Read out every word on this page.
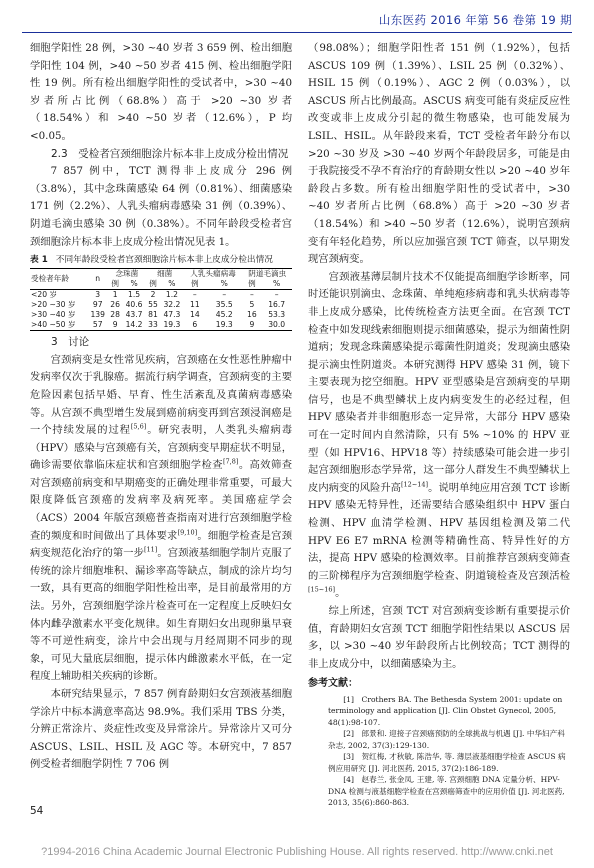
山东医药 2016 年第 56 卷第 19 期

细胞学阳性 28 例，>30 ~40 岁者 3 659 例、检出细胞学阳性 104 例，>40 ~50 岁者 415 例、检出细胞学阳性 19 例。所有检出细胞学阳性的受试者中，>30 ~40 岁者所占比例（68.8%）高于 >20 ~30 岁者（18.54%）和 >40 ~50 岁者（12.6%），P 均 <0.05。

2.3　受检者宫颈细胞涂片标本非上皮成分检出情况

7 857 例中，TCT 测得非上皮成分 296 例（3.8%），其中念珠菌感染 64 例（0.81%）、细菌感染 171 例（2.2%）、人乳头瘤病毒感染 31 例（0.39%）、阴道毛滴虫感染 30 例（0.38%）。不同年龄段受检者宫颈细胞涂片标本非上皮成分检出情况见表 1。

表 1 不同年龄段受检者宫颈细胞涂片标本非上皮成分检出情况
受检者年龄	n	念珠菌		细菌		人乳头瘤病毒		阴道毛滴虫	
		例	%	例	%	例	%	例	%
<20 岁	3	1	1.5	2	1.2	–	–	–	–
>20 ~30 岁	97	26	40.6	55	32.2	11	35.5	5	16.7
>30 ~40 岁	139	28	43.7	81	47.3	14	45.2	16	53.3
>40 ~50 岁	57	9	14.2	33	19.3	6	19.3	9	30.0

3　讨论

宫颈病变是女性常见疾病，宫颈癌在女性恶性肿瘤中发病率仅次于乳腺癌。据流行病学调查，宫颈病变的主要危险因素包括早婚、早育、性生活紊乱及真菌病毒感染等。从宫颈不典型增生发展到癌前病变再到宫颈浸润癌是一个持续发展的过程[5,6]。研究表明，人类乳头瘤病毒（HPV）感染与宫颈癌有关，宫颈病变早期症状不明显，确诊需要依靠临床症状和宫颈细胞学检查[7,8]。高效筛查对宫颈癌前病变和早期癌变的正确处理非常重要，可最大限度降低宫颈癌的发病率及病死率。美国癌症学会（ACS）2004 年版宫颈癌普查指南对进行宫颈细胞学检查的频度和时间做出了具体要求[9,10]。细胞学检查是宫颈病变规范化治疗的第一步[11]。宫颈液基细胞学制片克服了传统的涂片细胞堆积、漏诊率高等缺点，制成的涂片均匀一致，具有更高的细胞学阳性检出率，是目前最常用的方法。另外，宫颈细胞学涂片检查可在一定程度上反映妇女体内雌孕激素水平变化规律。如生育期妇女出现卵巢早衰等不可逆性病变，涂片中会出现与月经周期不同步的现象，可见大量底层细胞，提示体内雌激素水平低，在一定程度上辅助相关疾病的诊断。

本研究结果显示，7 857 例育龄期妇女宫颈液基细胞学涂片中标本满意率高达 98.9%。我们采用 TBS 分类，分辨正常涂片、炎症性改变及异常涂片。异常涂片又可分 ASCUS、LSIL、HSIL 及 AGC 等。本研究中，7 857 例受检者细胞学阴性 7 706 例

（98.08%）；细胞学阳性者 151 例（1.92%），包括 ASCUS 109 例（1.39%）、LSIL 25 例（0.32%）、HSIL 15 例（0.19%）、AGC 2 例（0.03%），以 ASCUS 所占比例最高。ASCUS 病变可能有炎症反应性改变或非上皮成分引起的微生物感染，也可能发展为 LSIL、HSIL。从年龄段来看，TCT 受检者年龄分布以 >20 ~30 岁及 >30 ~40 岁两个年龄段居多，可能是由于我院接受不孕不育治疗的育龄期女性以 >20 ~40 岁年龄段占多数。所有检出细胞学阳性的受试者中，>30 ~40 岁者所占比例（68.8%）高于 >20 ~30 岁者（18.54%）和 >40 ~50 岁者（12.6%），说明宫颈病变有年轻化趋势，所以应加强宫颈 TCT 筛查，以早期发现宫颈病变。

宫颈液基薄层制片技术不仅能提高细胞学诊断率，同时还能识别滴虫、念珠菌、单纯疱疹病毒和乳头状病毒等非上皮成分感染，比传统检查方法更全面。在宫颈 TCT 检查中如发现线索细胞则提示细菌感染，提示为细菌性阴道病；发现念珠菌感染提示霉菌性阴道炎；发现滴虫感染提示滴虫性阴道炎。本研究测得 HPV 感染 31 例，镜下主要表现为挖空细胞。HPV 亚型感染是宫颈病变的早期信号，也是不典型鳞状上皮内病变发生的必经过程，但 HPV 感染者并非细胞形态一定异常，大部分 HPV 感染可在一定时间内自然清除，只有 5% ~10% 的 HPV 亚型（如 HPV16、HPV18 等）持续感染可能会进一步引起宫颈细胞形态学异常，这一部分人群发生不典型鳞状上皮内病变的风险升高[12~14]。说明单纯应用宫颈 TCT 诊断 HPV 感染无特异性，还需要结合感染组织中 HPV 蛋白检测、HPV 血清学检测、HPV 基因组检测及第二代 HPV E6 E7 mRNA 检测等精确性高、特异性好的方法，提高 HPV 感染的检测效率。目前推荐宫颈病变筛查的三阶梯程序为宫颈细胞学检查、阴道镜检查及宫颈活检[15~16]。

综上所述，宫颈 TCT 对宫颈病变诊断有重要提示价值，育龄期妇女宫颈 TCT 细胞学阳性结果以 ASCUS 居多，以 >30 ~40 岁年龄段所占比例较高；TCT 测得的非上皮成分中，以细菌感染为主。

参考文献：

[1]　Crothers BA. The Bethesda System 2001: update on terminology and application [J]. Clin Obstet Gynecol, 2005, 48(1):98-107.

[2]　郎景和. 迎接子宫颈癌预防的全球挑战与机遇 [J]. 中华妇产科杂志, 2002, 37(3):129-130.

[3]　贺红梅, 才秋敏, 陈浩华, 等. 薄层液基细胞学检查 ASCUS 病例应用研究 [J]. 河北医药, 2015, 37(2):186-189.

[4]　赵春兰, 张金凤, 王建, 等. 宫颈细胞 DNA 定量分析、HPV-DNA 检测与液基细胞学检查在宫颈癌筛查中的应用价值 [J]. 河北医药, 2013, 35(6):860-863.

54
?1994-2016 China Academic Journal Electronic Publishing House. All rights reserved. http://www.cnki.net
